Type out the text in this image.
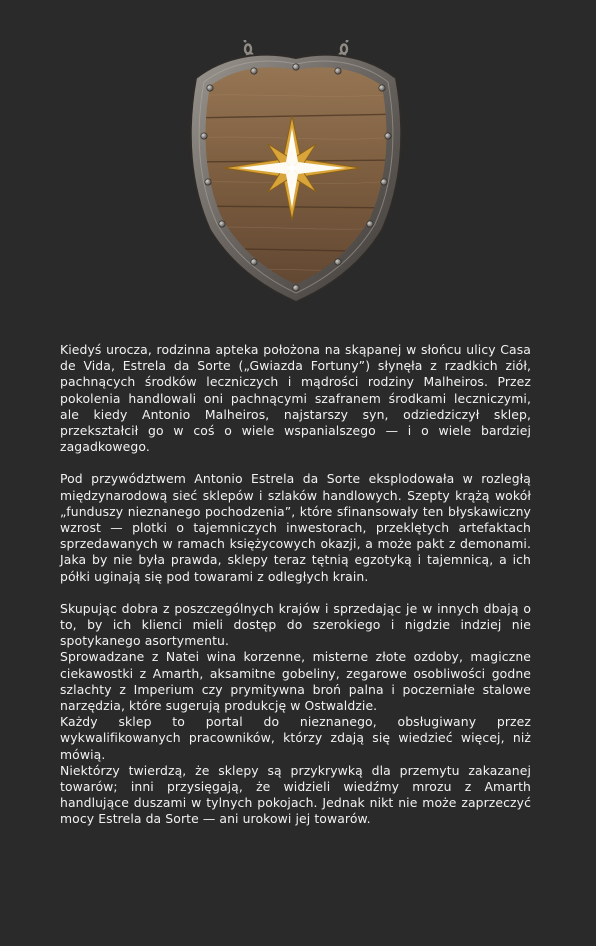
Kiedyś urocza, rodzinna apteka położona na skąpanej w słońcu ulicy Casa de Vida, Estrela da Sorte („Gwiazda Fortuny”) słynęła z rzadkich ziół, pachnących środków leczniczych i mądrości rodziny Malheiros. Przez pokolenia handlowali oni pachnącymi szafranem środkami leczniczymi, ale kiedy Antonio Malheiros, najstarszy syn, odziedziczył sklep, przekształcił go w coś o wiele wspanialszego — i o wiele bardziej zagadkowego.

Pod przywództwem Antonio Estrela da Sorte eksplodowała w rozległą międzynarodową sieć sklepów i szlaków handlowych. Szepty krążą wokół „funduszy nieznanego pochodzenia”, które sfinansowały ten błyskawiczny wzrost — plotki o tajemniczych inwestorach, przeklętych artefaktach sprzedawanych w ramach księżycowych okazji, a może pakt z demonami. Jaka by nie była prawda, sklepy teraz tętnią egzotyką i tajemnicą, a ich półki uginają się pod towarami z odległych krain.

Skupując dobra z poszczególnych krajów i sprzedając je w innych dbają o to, by ich klienci mieli dostęp do szerokiego i nigdzie indziej nie spotykanego asortymentu.

Sprowadzane z Natei wina korzenne, misterne złote ozdoby, magiczne ciekawostki z Amarth, aksamitne gobeliny, zegarowe osobliwości godne szlachty z Imperium czy prymitywna broń palna i poczerniałe stalowe narzędzia, które sugerują produkcję w Ostwaldzie.

Każdy sklep to portal do nieznanego, obsługiwany przez wykwalifikowanych pracowników, którzy zdają się wiedzieć więcej, niż mówią.

Niektórzy twierdzą, że sklepy są przykrywką dla przemytu zakazanej towarów; inni przysięgają, że widzieli wiedźmy mrozu z Amarth handlujące duszami w tylnych pokojach. Jednak nikt nie może zaprzeczyć mocy Estrela da Sorte — ani urokowi jej towarów.
